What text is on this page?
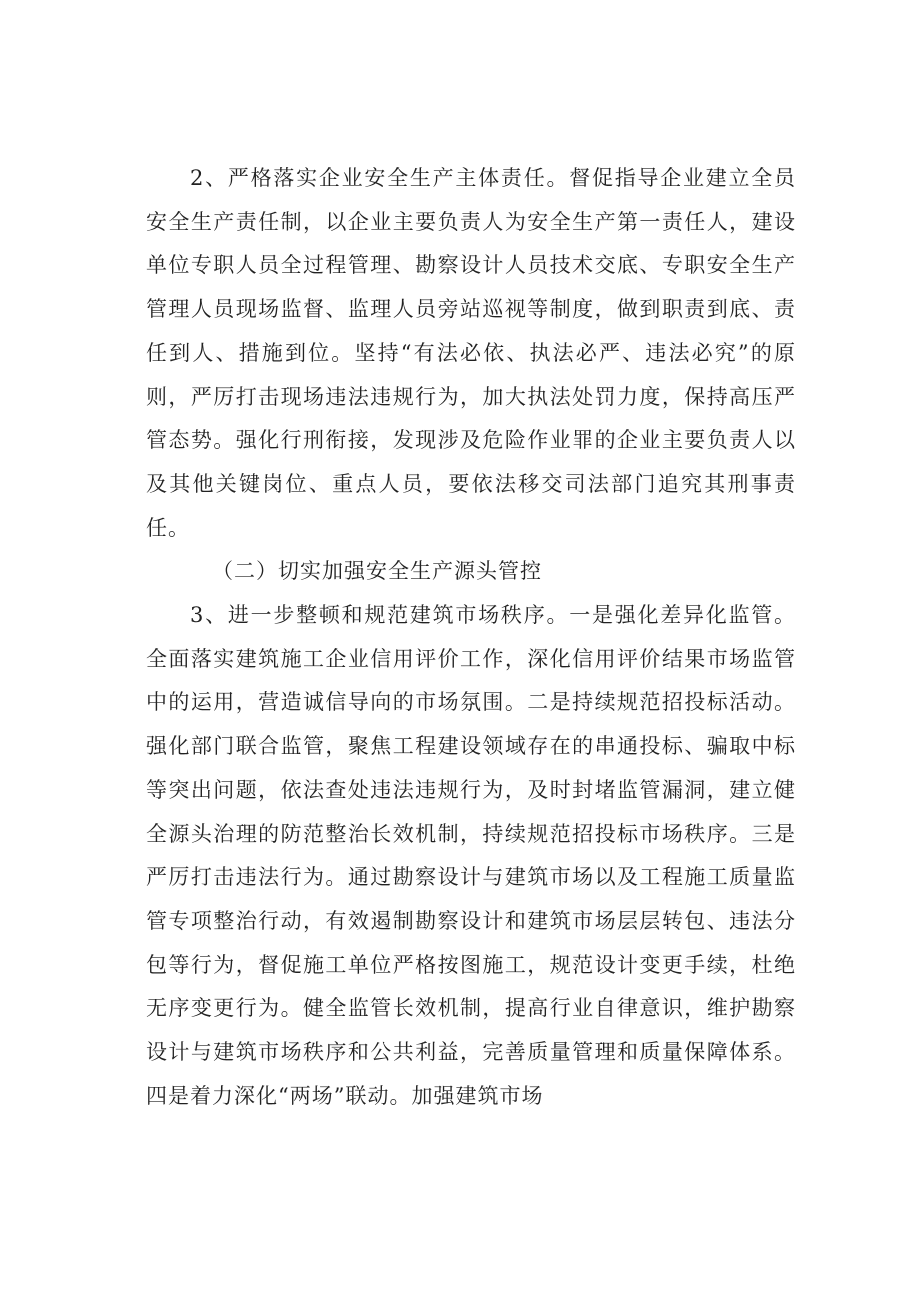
2、严格落实企业安全生产主体责任。督促指导企业建立全员安全生产责任制，以企业主要负责人为安全生产第一责任人，建设单位专职人员全过程管理、勘察设计人员技术交底、专职安全生产管理人员现场监督、监理人员旁站巡视等制度，做到职责到底、责任到人、措施到位。坚持“有法必依、执法必严、违法必究”的原则，严厉打击现场违法违规行为，加大执法处罚力度，保持高压严管态势。强化行刑衔接，发现涉及危险作业罪的企业主要负责人以及其他关键岗位、重点人员，要依法移交司法部门追究其刑事责任。

（二）切实加强安全生产源头管控

3、进一步整顿和规范建筑市场秩序。一是强化差异化监管。全面落实建筑施工企业信用评价工作，深化信用评价结果市场监管中的运用，营造诚信导向的市场氛围。二是持续规范招投标活动。强化部门联合监管，聚焦工程建设领域存在的串通投标、骗取中标等突出问题，依法查处违法违规行为，及时封堵监管漏洞，建立健全源头治理的防范整治长效机制，持续规范招投标市场秩序。三是严厉打击违法行为。通过勘察设计与建筑市场以及工程施工质量监管专项整治行动，有效遏制勘察设计和建筑市场层层转包、违法分包等行为，督促施工单位严格按图施工，规范设计变更手续，杜绝无序变更行为。健全监管长效机制，提高行业自律意识，维护勘察设计与建筑市场秩序和公共利益，完善质量管理和质量保障体系。四是着力深化“两场”联动。加强建筑市场
